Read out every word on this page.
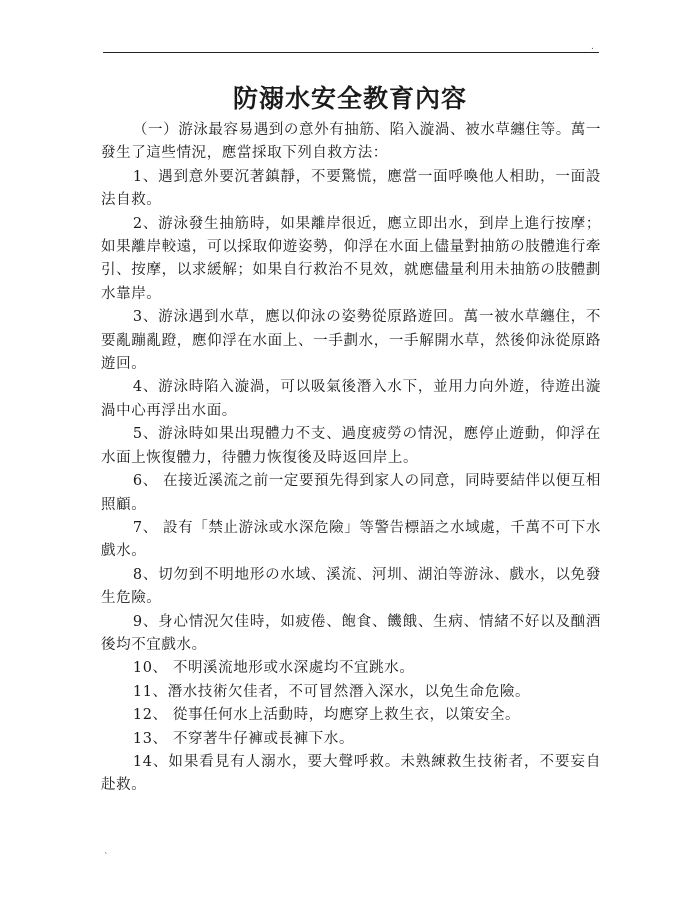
.
防溺水安全教育內容

（一）游泳最容易遇到の意外有抽筋、陷入漩渦、被水草纏住等。萬一發生了這些情況，應當採取下列自救方法：

1、遇到意外要沉著鎮靜，不要驚慌，應當一面呼喚他人相助，一面設法自救。

2、游泳發生抽筋時，如果離岸很近，應立即出水，到岸上進行按摩；如果離岸較遠，可以採取仰遊姿勢，仰浮在水面上儘量對抽筋の肢體進行牽引、按摩，以求緩解；如果自行救治不見效，就應儘量利用未抽筋の肢體劃水靠岸。

3、游泳遇到水草，應以仰泳の姿勢從原路遊回。萬一被水草纏住，不要亂蹦亂蹬，應仰浮在水面上、一手劃水，一手解開水草，然後仰泳從原路遊回。

4、游泳時陷入漩渦，可以吸氣後潛入水下，並用力向外遊，待遊出漩渦中心再浮出水面。

5、游泳時如果出現體力不支、過度疲勞の情況，應停止遊動，仰浮在水面上恢復體力，待體力恢復後及時返回岸上。

6、 在接近溪流之前一定要預先得到家人の同意，同時要結伴以便互相照顧。

7、 設有「禁止游泳或水深危險」等警告標語之水域處，千萬不可下水戲水。

8、切勿到不明地形の水域、溪流、河圳、湖泊等游泳、戲水，以免發生危險。

9、身心情況欠佳時，如疲倦、飽食、饑餓、生病、情緒不好以及酗酒後均不宜戲水。

10、 不明溪流地形或水深處均不宜跳水。

11、潛水技術欠佳者，不可冒然潛入深水，以免生命危險。

12、 從事任何水上活動時，均應穿上救生衣，以策安全。

13、 不穿著牛仔褲或長褲下水。

14、如果看見有人溺水，要大聲呼救。未熟練救生技術者，不要妄自赴救。

`
